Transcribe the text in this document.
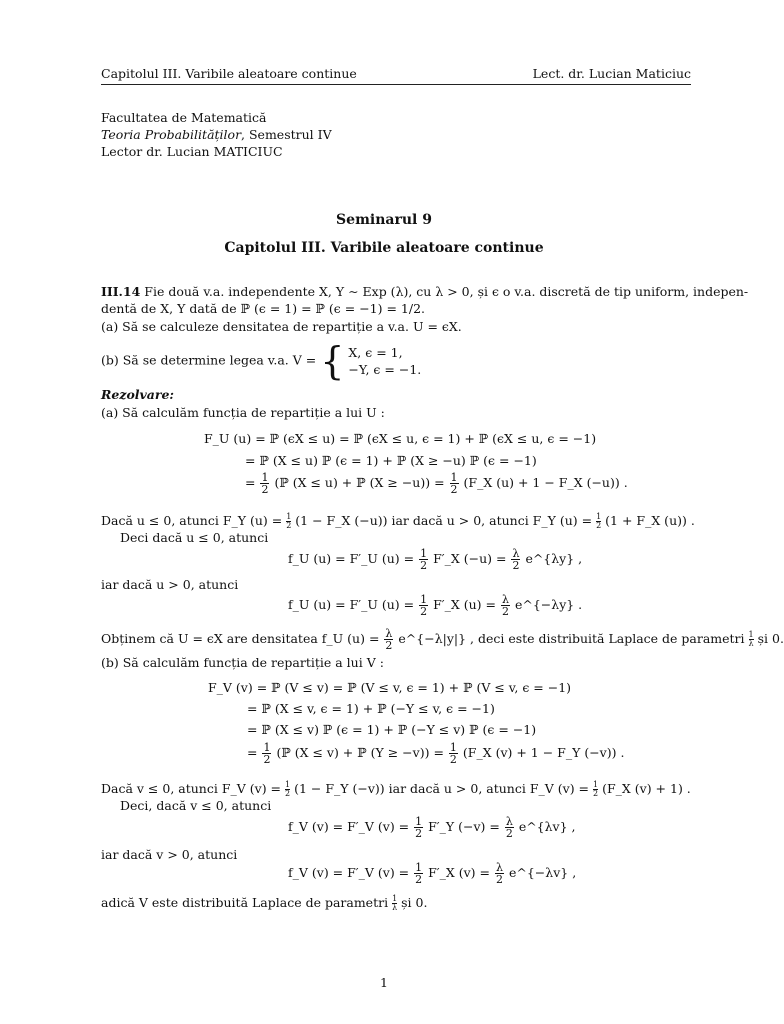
Capitolul III. Varibile aleatoare continue	Lect. dr. Lucian Maticiuc
Facultatea de Matematică
Teoria Probabilităților, Semestrul IV
Lector dr. Lucian MATICIUC
Seminarul 9
Capitolul III. Varibile aleatoare continue
III.14 Fie două v.a. independente X, Y ∼ Exp (λ), cu λ > 0, și ϵ o v.a. discretă de tip uniform, indepen-
dentă de X, Y dată de ℙ (ϵ = 1) = ℙ (ϵ = −1) = 1/2.
(a) Să se calculeze densitatea de repartiție a v.a. U = ϵX.
(b) Să se determine legea v.a. V = { X, ϵ = 1,
−Y, ϵ = −1.
Rezolvare:
(a) Să calculăm funcția de repartiție a lui U :
F_U (u) = ℙ (ϵX ≤ u) = ℙ (ϵX ≤ u, ϵ = 1) + ℙ (ϵX ≤ u, ϵ = −1)
= ℙ (X ≤ u) ℙ (ϵ = 1) + ℙ (X ≥ −u) ℙ (ϵ = −1)
= $\frac{1}{2}$ (ℙ (X ≤ u) + ℙ $(X \ge -u)) = \frac{1}{2}$ (F_X (u) + 1 − F_X (−u)) .
Dacă u ≤ 0, atunci F_Y $(u) = \frac{1}{2} (1$ − F_X (−u)) iar dacă u > 0, atunci F_Y $(u) = \frac{1}{2} (1$ + F_X (u)) .
Deci dacă u ≤ 0, atunci
f_U (u) = F′_U $(u) = \frac{1}{2}$ F′_X $(-u) = \frac{\lambda}{2}$ e^{λy} ,
iar dacă u > 0, atunci
f_U (u) = F′_U $(u) = \frac{1}{2}$ F′_X $(u) = \frac{\lambda}{2}$ e^{−λy} .
Obținem că U = ϵX are densitatea f_U $(u) = \frac{\lambda}{2}$ e^{−λ|y|} , deci este distribuită Laplace de parametri $\frac{1}{\lambda}$ și 0.
(b) Să calculăm funcția de repartiție a lui V :
F_V (v) = ℙ (V ≤ v) = ℙ (V ≤ v, ϵ = 1) + ℙ (V ≤ v, ϵ = −1)
= ℙ (X ≤ v, ϵ = 1) + ℙ (−Y ≤ v, ϵ = −1)
= ℙ (X ≤ v) ℙ (ϵ = 1) + ℙ (−Y ≤ v) ℙ (ϵ = −1)
= $\frac{1}{2}$ (ℙ (X ≤ v) + ℙ $(Y \ge -v)) = \frac{1}{2}$ (F_X (v) + 1 − F_Y (−v)) .
Dacă v ≤ 0, atunci F_V $(v) = \frac{1}{2} (1$ − F_Y (−v)) iar dacă u > 0, atunci F_V $(v) = \frac{1}{2}$ (F_X (v) + 1) .
Deci, dacă v ≤ 0, atunci
f_V (v) = F′_V $(v) = \frac{1}{2}$ F′_Y $(-v) = \frac{\lambda}{2}$ e^{λv} ,
iar dacă v > 0, atunci
f_V (v) = F′_V $(v) = \frac{1}{2}$ F′_X $(v) = \frac{\lambda}{2}$ e^{−λv} ,
adică V este distribuită Laplace de parametri $\frac{1}{\lambda}$ și 0.
1
